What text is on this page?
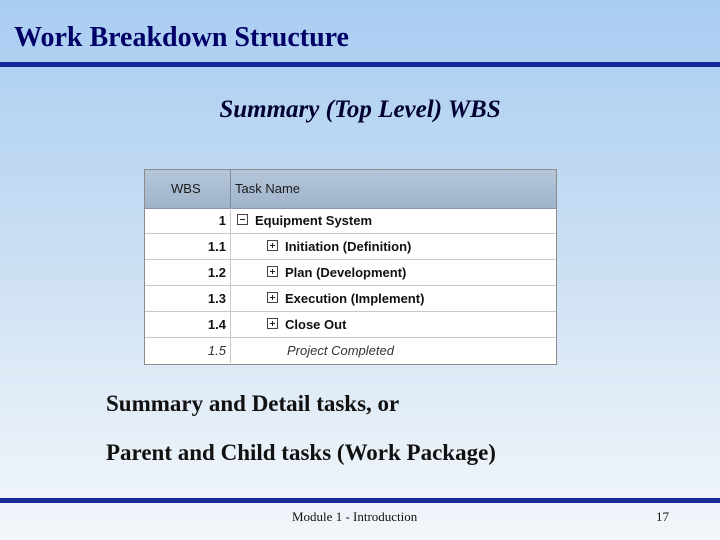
Work Breakdown Structure
Summary (Top Level) WBS
WBS	Task Name
1	Equipment System
1.1	Initiation (Definition)
1.2	Plan (Development)
1.3	Execution (Implement)
1.4	Close Out
1.5	Project Completed
Summary and Detail tasks, or
Parent and Child tasks (Work Package)
Module 1 - Introduction	17
